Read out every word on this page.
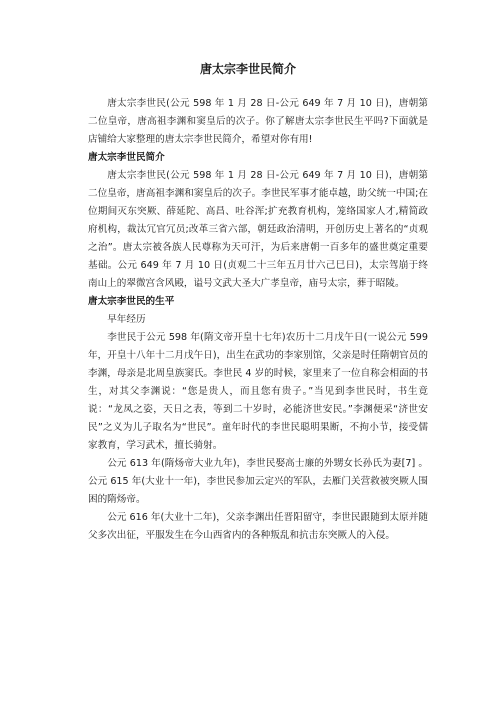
唐太宗李世民简介

唐太宗李世民(公元 598 年 1 月 28 日-公元 649 年 7 月 10 日)，唐朝第二位皇帝，唐高祖李渊和窦皇后的次子。你了解唐太宗李世民生平吗?下面就是店铺给大家整理的唐太宗李世民简介，希望对你有用!

唐太宗李世民简介

唐太宗李世民(公元 598 年 1 月 28 日-公元 649 年 7 月 10 日)，唐朝第二位皇帝，唐高祖李渊和窦皇后的次子。李世民军事才能卓越，助父统一中国;在位期间灭东突厥、薛延陀、高昌、吐谷浑;扩充教育机构，笼络国家人才,精简政府机构，裁汰冗官冗员;改革三省六部，朝廷政治清明，开创历史上著名的“贞观之治”。唐太宗被各族人民尊称为天可汗，为后来唐朝一百多年的盛世奠定重要基础。公元 649 年 7 月 10 日(贞观二十三年五月廿六己巳日)，太宗驾崩于终南山上的翠微宫含风殿，谥号文武大圣大广孝皇帝，庙号太宗，葬于昭陵。

唐太宗李世民的生平

早年经历

李世民于公元 598 年(隋文帝开皇十七年)农历十二月戊午日(一说公元 599 年，开皇十八年十二月戊午日)，出生在武功的李家别馆，父亲是时任隋朝官员的李渊，母亲是北周皇族窦氏。李世民 4 岁的时候，家里来了一位自称会相面的书生，对其父李渊说：“您是贵人，而且您有贵子。”当见到李世民时，书生竟说：“龙凤之姿，天日之表，等到二十岁时，必能济世安民。”李渊便采“济世安民”之义为儿子取名为“世民”。童年时代的李世民聪明果断，不拘小节，接受儒家教育，学习武术，擅长骑射。

公元 613 年(隋炀帝大业九年)，李世民娶高士廉的外甥女长孙氏为妻[7] 。公元 615 年(大业十一年)，李世民参加云定兴的军队，去雁门关营救被突厥人围困的隋炀帝。

公元 616 年(大业十二年)，父亲李渊出任晋阳留守，李世民跟随到太原并随父多次出征，平服发生在今山西省内的各种叛乱和抗击东突厥人的入侵。
